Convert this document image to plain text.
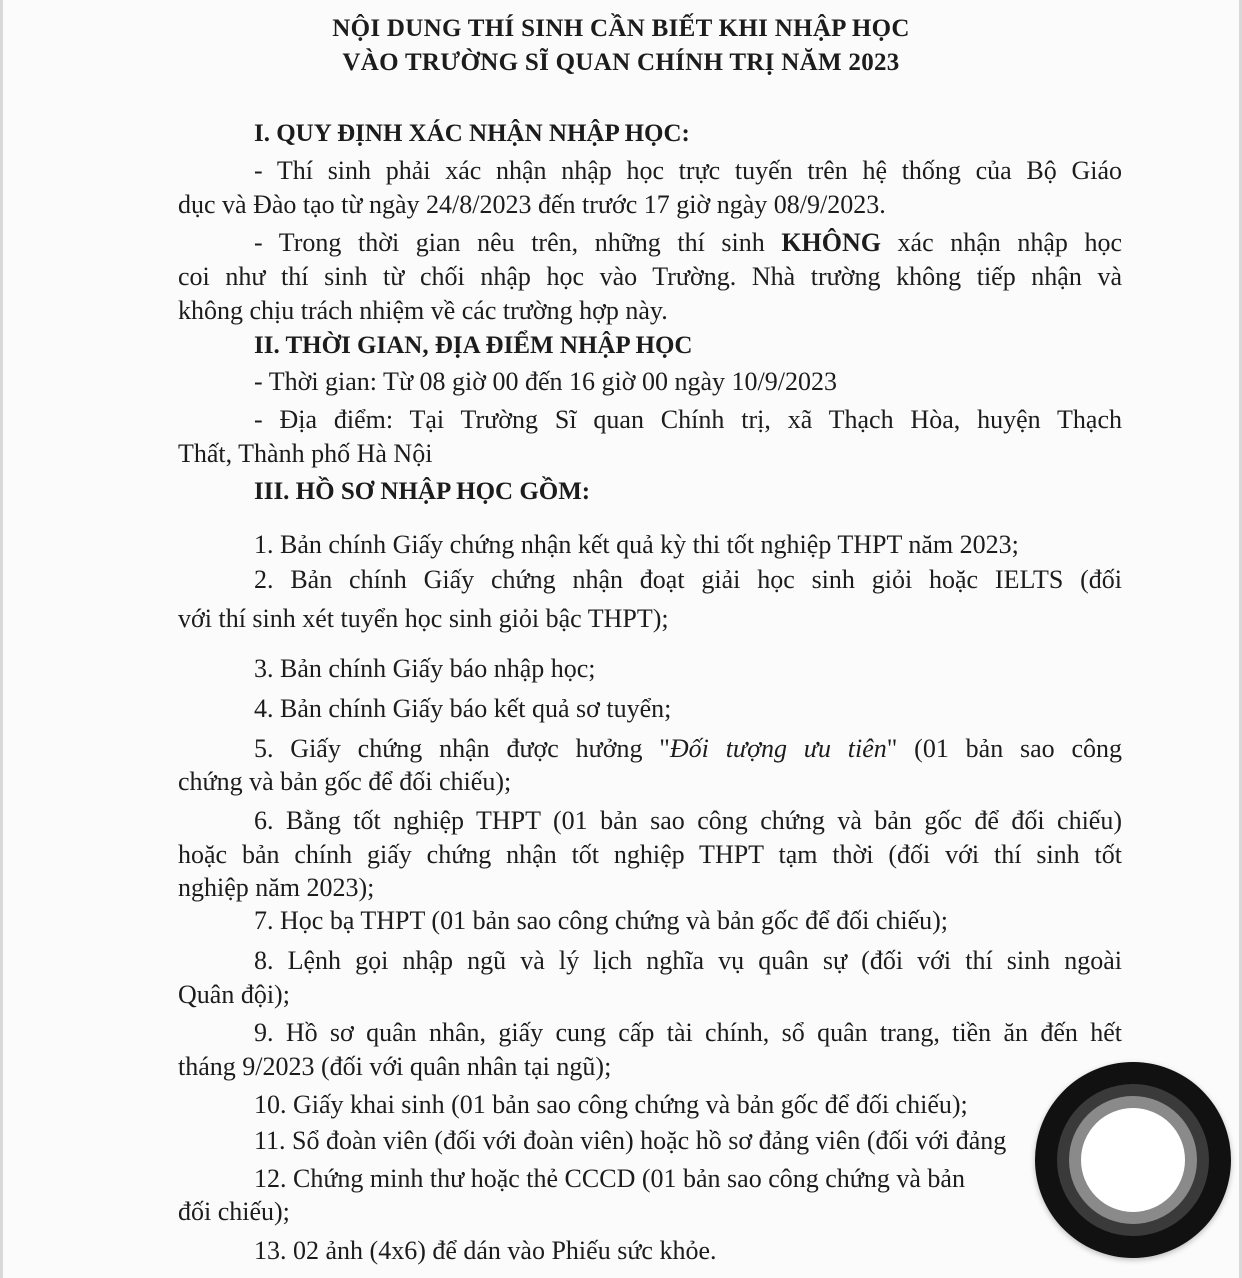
NỘI DUNG THÍ SINH CẦN BIẾT KHI NHẬP HỌC
VÀO TRƯỜNG SĨ QUAN CHÍNH TRỊ NĂM 2023
I. QUY ĐỊNH XÁC NHẬN NHẬP HỌC:
- Thí sinh phải xác nhận nhập học trực tuyến trên hệ thống của Bộ Giáo
dục và Đào tạo từ ngày 24/8/2023 đến trước 17 giờ ngày 08/9/2023.
- Trong thời gian nêu trên, những thí sinh KHÔNG xác nhận nhập học
coi như thí sinh từ chối nhập học vào Trường. Nhà trường không tiếp nhận và
không chịu trách nhiệm về các trường hợp này.
II. THỜI GIAN, ĐỊA ĐIỂM NHẬP HỌC
- Thời gian: Từ 08 giờ 00 đến 16 giờ 00 ngày 10/9/2023
- Địa điểm: Tại Trường Sĩ quan Chính trị, xã Thạch Hòa, huyện Thạch
Thất, Thành phố Hà Nội
III. HỒ SƠ NHẬP HỌC GỒM:
1. Bản chính Giấy chứng nhận kết quả kỳ thi tốt nghiệp THPT năm 2023;
2. Bản chính Giấy chứng nhận đoạt giải học sinh giỏi hoặc IELTS (đối
với thí sinh xét tuyển học sinh giỏi bậc THPT);
3. Bản chính Giấy báo nhập học;
4. Bản chính Giấy báo kết quả sơ tuyển;
5. Giấy chứng nhận được hưởng "Đối tượng ưu tiên" (01 bản sao công
chứng và bản gốc để đối chiếu);
6. Bằng tốt nghiệp THPT (01 bản sao công chứng và bản gốc để đối chiếu)
hoặc bản chính giấy chứng nhận tốt nghiệp THPT tạm thời (đối với thí sinh tốt
nghiệp năm 2023);
7. Học bạ THPT (01 bản sao công chứng và bản gốc để đối chiếu);
8. Lệnh gọi nhập ngũ và lý lịch nghĩa vụ quân sự (đối với thí sinh ngoài
Quân đội);
9. Hồ sơ quân nhân, giấy cung cấp tài chính, sổ quân trang, tiền ăn đến hết
tháng 9/2023 (đối với quân nhân tại ngũ);
10. Giấy khai sinh (01 bản sao công chứng và bản gốc để đối chiếu);
11. Sổ đoàn viên (đối với đoàn viên) hoặc hồ sơ đảng viên (đối với đảng
12. Chứng minh thư hoặc thẻ CCCD (01 bản sao công chứng và bản
đối chiếu);
13. 02 ảnh (4x6) để dán vào Phiếu sức khỏe.
